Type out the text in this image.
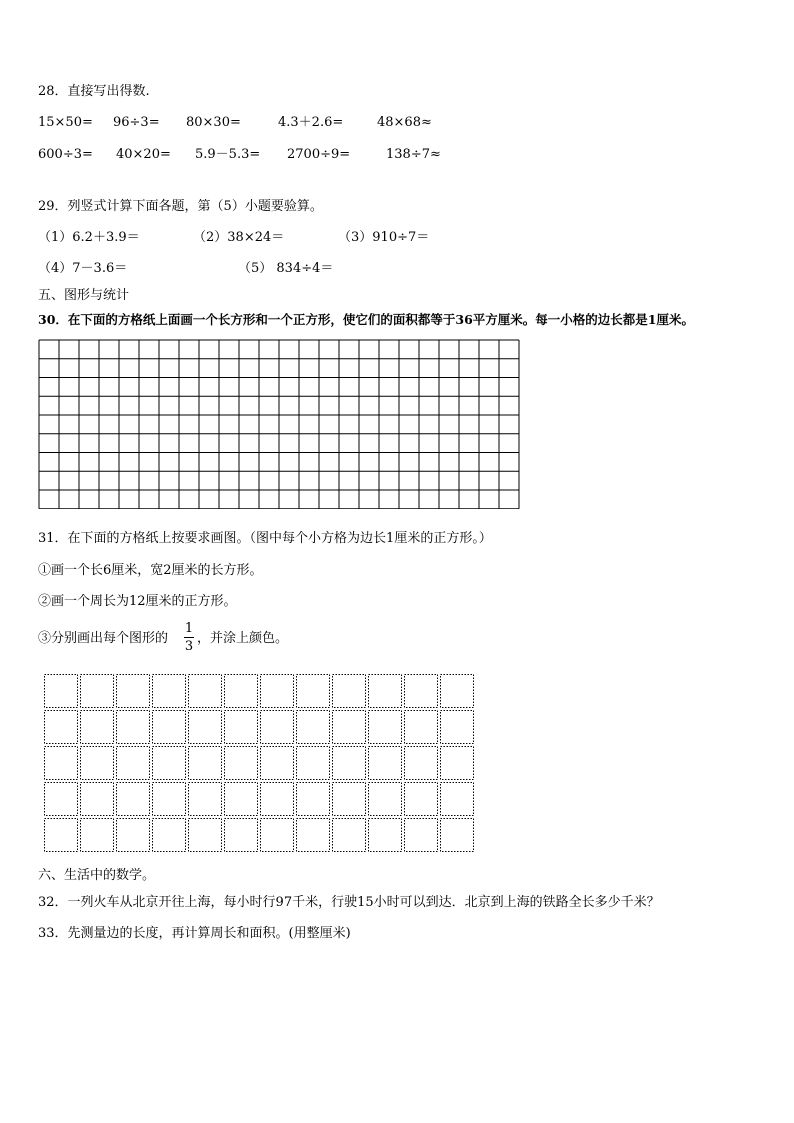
28．直接写出得数.
15×50= 96÷3= 80×30=	4.3＋2.6=	48×68≈
600÷3= 40×20= 5.9－5.3= 2700÷9=	138÷7≈
29．列竖式计算下面各题，第（5）小题要验算。
（1）6.2＋3.9＝	（2）38×24＝	（3）910÷7＝
（4）7－3.6＝	（5） 834÷4＝
五、图形与统计
30．在下面的方格纸上面画一个长方形和一个正方形，使它们的面积都等于36平方厘米。每一小格的边长都是1厘米。
31．在下面的方格纸上按要求画图。（图中每个小方格为边长1厘米的正方形。）
①画一个长6厘米，宽2厘米的长方形。
②画一个周长为12厘米的正方形。
③分别画出每个图形的
1
3
，并涂上颜色。
六、生活中的数学。
32．一列火车从北京开往上海，每小时行97千米，行驶15小时可以到达．北京到上海的铁路全长多少千米？
33．先测量边的长度，再计算周长和面积。(用整厘米)
